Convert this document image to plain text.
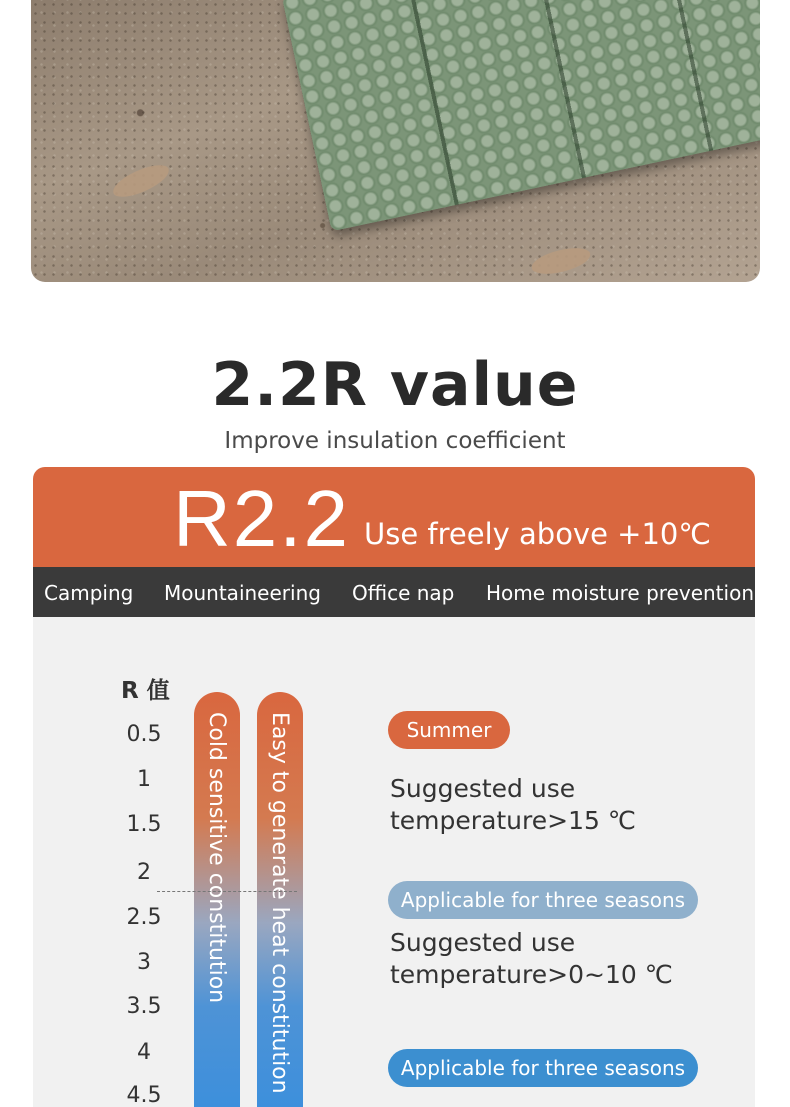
2.2R value
Improve insulation coefficient
R2.2 Use freely above +10℃
Camping Mountaineering Office nap Home moisture prevention
R 值
0.5
1
1.5
2
2.5
3
3.5
4
4.5
Cold sensitive constitution Easy to generate heat constitution	Summer
Suggested use
temperature>15 ℃
Applicable for three seasons
Suggested use
temperature>0~10 ℃
Applicable for three seasons
